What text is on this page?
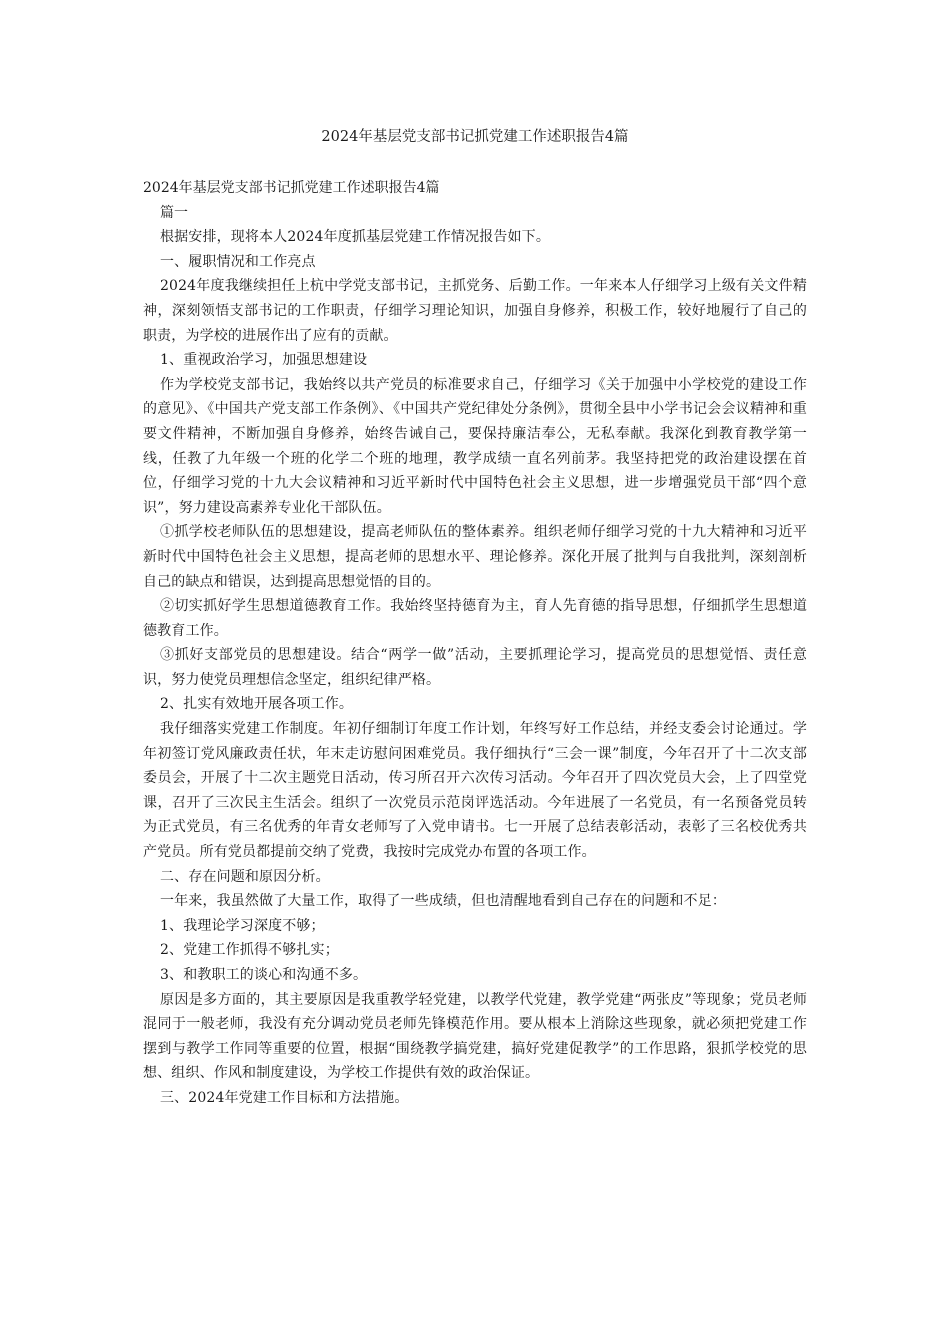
2024年基层党支部书记抓党建工作述职报告4篇

2024年基层党支部书记抓党建工作述职报告4篇

篇一

根据安排，现将本人2024年度抓基层党建工作情况报告如下。

一、履职情况和工作亮点

2024年度我继续担任上杭中学党支部书记，主抓党务、后勤工作。一年来本人仔细学习上级有关文件精神，深刻领悟支部书记的工作职责，仔细学习理论知识，加强自身修养，积极工作，较好地履行了自己的职责，为学校的进展作出了应有的贡献。

1、重视政治学习，加强思想建设

作为学校党支部书记，我始终以共产党员的标准要求自己，仔细学习《关于加强中小学校党的建设工作的意见》、《中国共产党支部工作条例》、《中国共产党纪律处分条例》，贯彻全县中小学书记会会议精神和重要文件精神，不断加强自身修养，始终告诫自己，要保持廉洁奉公，无私奉献。我深化到教育教学第一线，任教了九年级一个班的化学二个班的地理，教学成绩一直名列前茅。我坚持把党的政治建设摆在首位，仔细学习党的十九大会议精神和习近平新时代中国特色社会主义思想，进一步增强党员干部“四个意识”，努力建设高素养专业化干部队伍。

①抓学校老师队伍的思想建设，提高老师队伍的整体素养。组织老师仔细学习党的十九大精神和习近平新时代中国特色社会主义思想，提高老师的思想水平、理论修养。深化开展了批判与自我批判，深刻剖析自己的缺点和错误，达到提高思想觉悟的目的。

②切实抓好学生思想道德教育工作。我始终坚持德育为主，育人先育德的指导思想，仔细抓学生思想道德教育工作。

③抓好支部党员的思想建设。结合“两学一做”活动，主要抓理论学习，提高党员的思想觉悟、责任意识，努力使党员理想信念坚定，组织纪律严格。

2、扎实有效地开展各项工作。

我仔细落实党建工作制度。年初仔细制订年度工作计划，年终写好工作总结，并经支委会讨论通过。学年初签订党风廉政责任状，年末走访慰问困难党员。我仔细执行“三会一课”制度，今年召开了十二次支部委员会，开展了十二次主题党日活动，传习所召开六次传习活动。今年召开了四次党员大会，上了四堂党课，召开了三次民主生活会。组织了一次党员示范岗评选活动。今年进展了一名党员，有一名预备党员转为正式党员，有三名优秀的年青女老师写了入党申请书。七一开展了总结表彰活动，表彰了三名校优秀共产党员。所有党员都提前交纳了党费，我按时完成党办布置的各项工作。

二、存在问题和原因分析。

一年来，我虽然做了大量工作，取得了一些成绩，但也清醒地看到自己存在的问题和不足：

1、我理论学习深度不够；

2、党建工作抓得不够扎实；

3、和教职工的谈心和沟通不多。

原因是多方面的，其主要原因是我重教学轻党建，以教学代党建，教学党建“两张皮”等现象；党员老师混同于一般老师，我没有充分调动党员老师先锋模范作用。要从根本上消除这些现象，就必须把党建工作摆到与教学工作同等重要的位置，根据“围绕教学搞党建，搞好党建促教学”的工作思路，狠抓学校党的思想、组织、作风和制度建设，为学校工作提供有效的政治保证。

三、2024年党建工作目标和方法措施。
